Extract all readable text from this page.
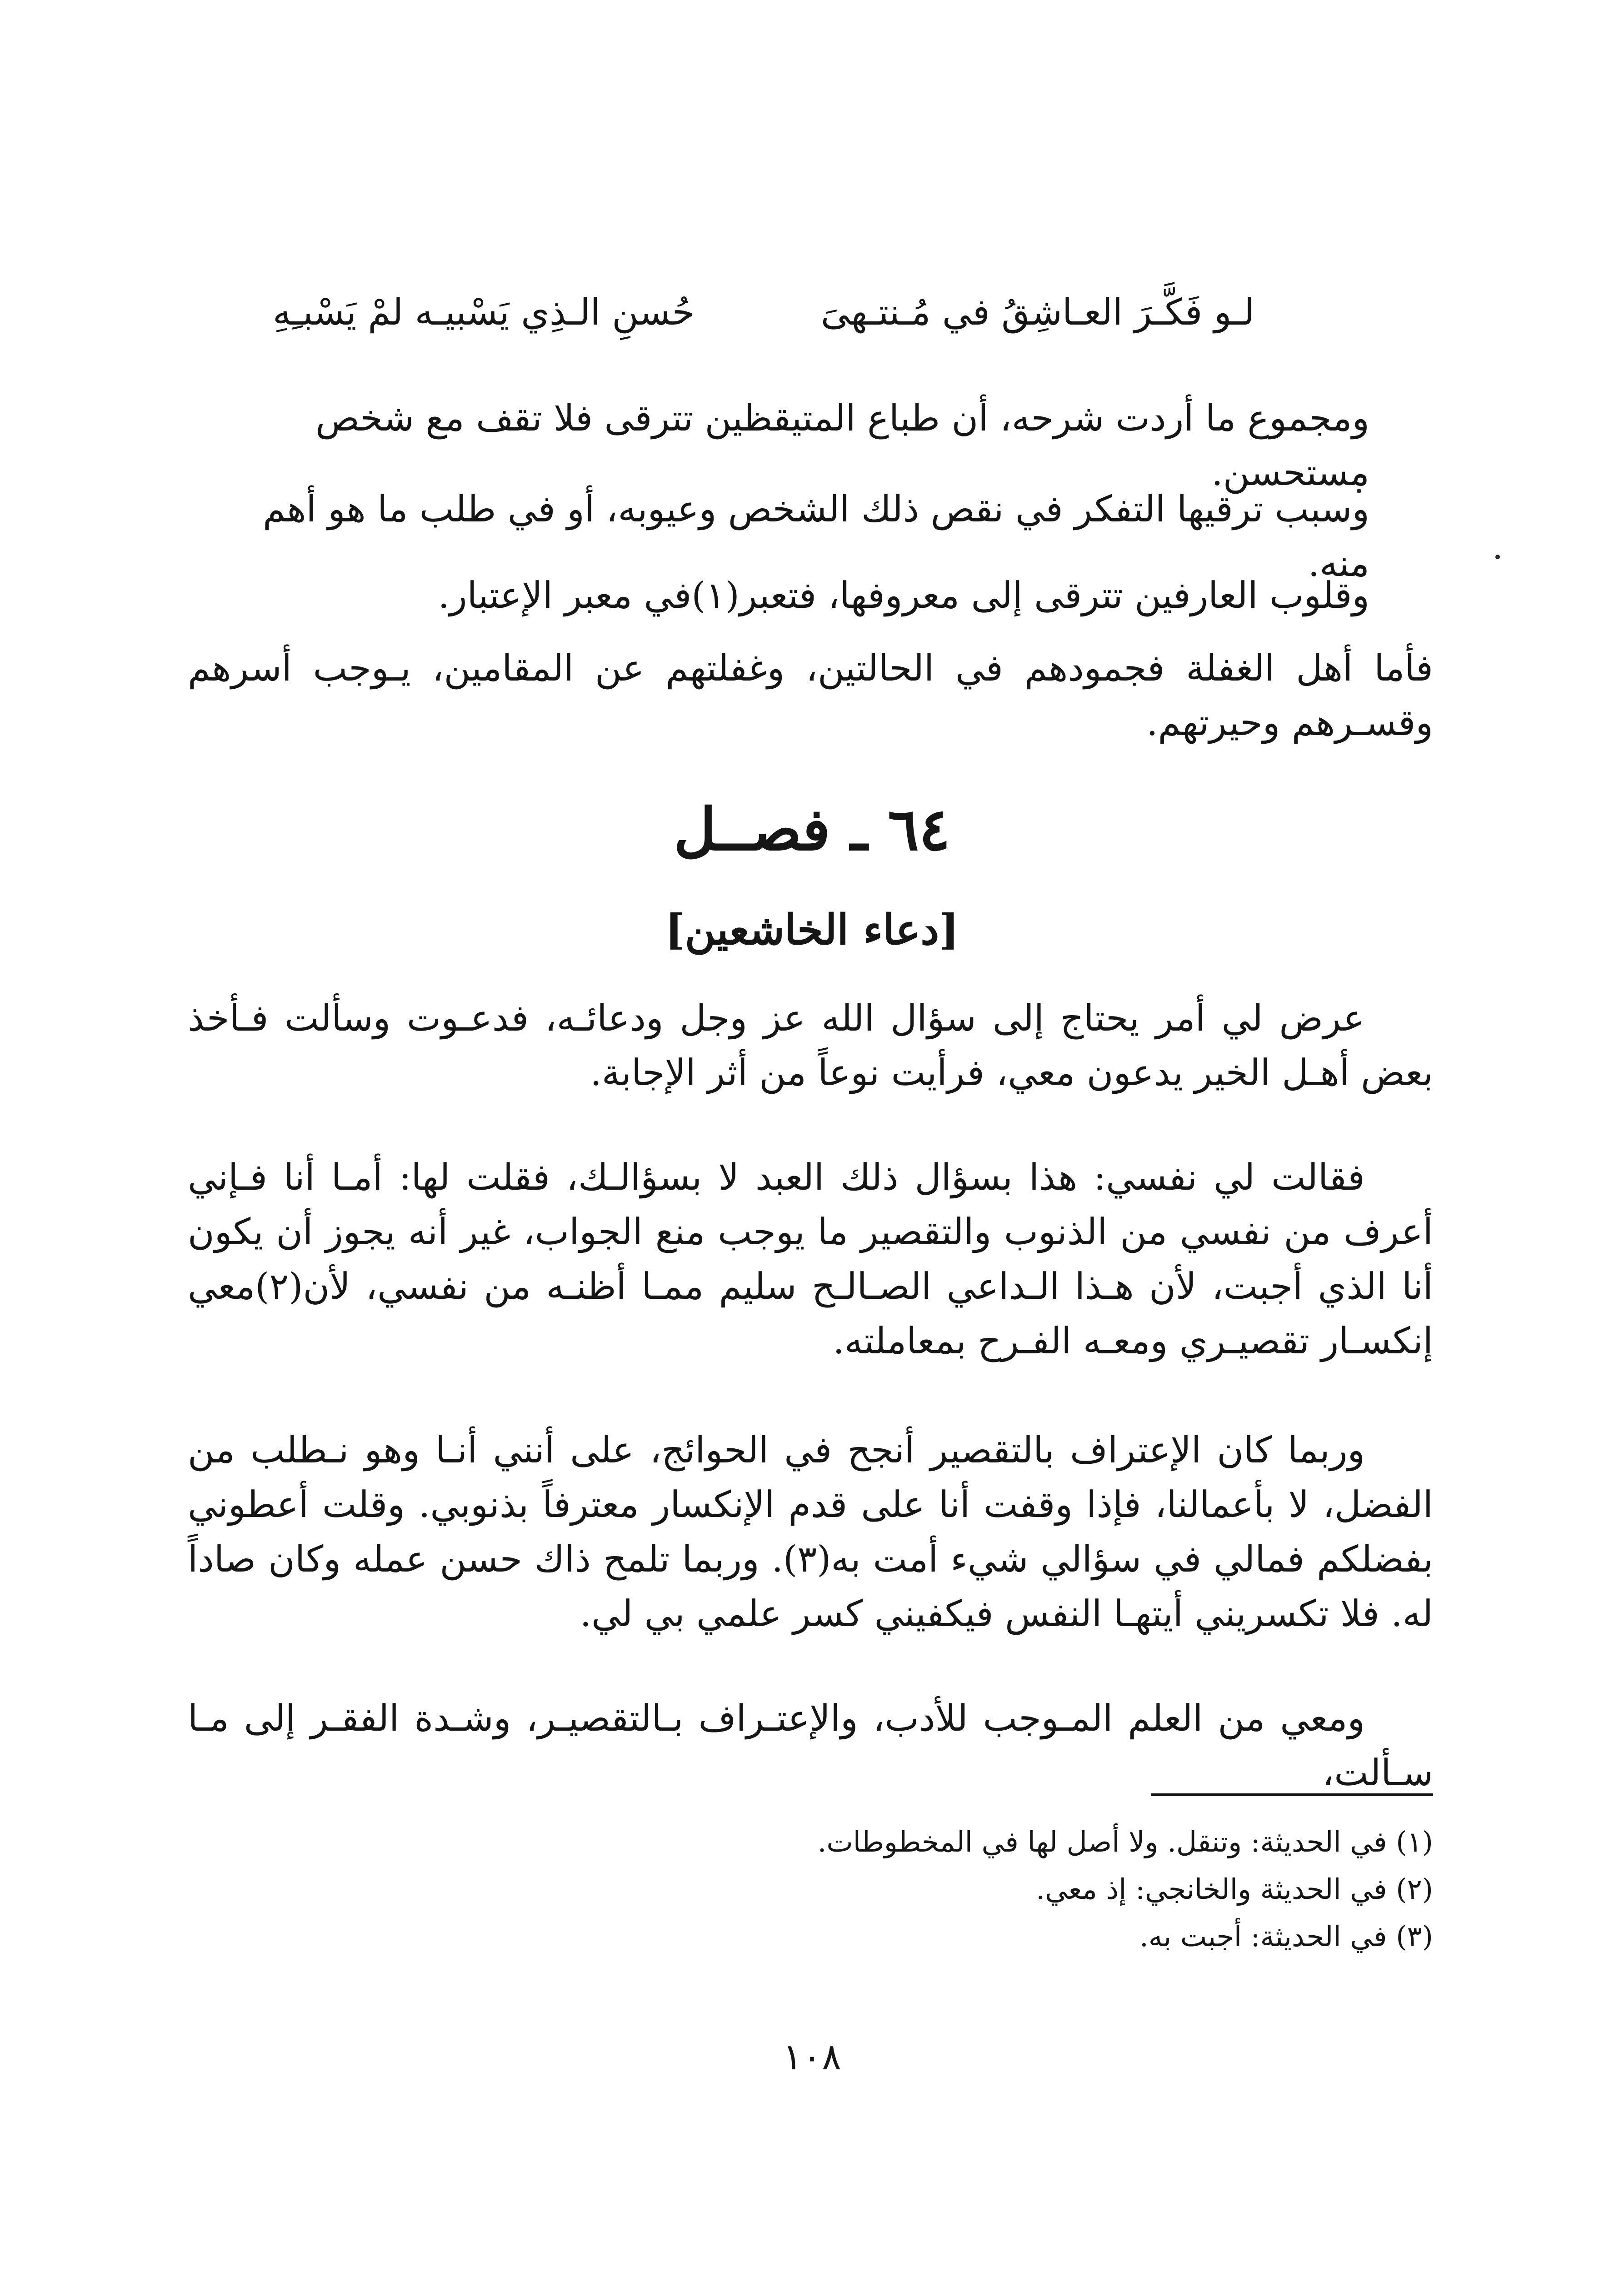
لـو فَكَّـرَ العـاشِقُ في مُـنتـهىَ
حُسنِ الـذِي يَسْبيـه لمْ يَسْبـِهِ
ومجموع ما أردت شرحه، أن طباع المتيقظين تترقى فلا تقف مع شخص مستحسن.
وسبب ترقيها التفكر في نقص ذلك الشخص وعيوبه، أو في طلب ما هو أهم منه.
وقلوب العارفين تترقى إلى معروفها، فتعبر(١)في معبر الإعتبار.
فأما أهل الغفلة فجمودهم في الحالتين، وغفلتهم عن المقامين، يـوجب أسرهم وقسـرهم وحيرتهم.
٦٤ ـ فصــل
[دعاء الخاشعين]
عرض لي أمر يحتاج إلى سؤال الله عز وجل ودعائـه، فدعـوت وسألت فـأخذ بعض أهـل الخير يدعون معي، فرأيت نوعاً من أثر الإجابة.
فقالت لي نفسي: هذا بسؤال ذلك العبد لا بسؤالـك، فقلت لها: أمـا أنا فـإني أعرف من نفسي من الذنوب والتقصير ما يوجب منع الجواب، غير أنه يجوز أن يكون أنا الذي أجبت، لأن هـذا الـداعي الصـالـح سليم ممـا أظنـه من نفسي، لأن(٢)معي إنكسـار تقصيـري ومعـه الفـرح بمعاملته.
وربما كان الإعتراف بالتقصير أنجح في الحوائج، على أنني أنـا وهو نـطلب من الفضل، لا بأعمالنا، فإذا وقفت أنا على قدم الإنكسار معترفاً بذنوبي. وقلت أعطوني بفضلكم فمالي في سؤالي شيء أمت به(٣). وربما تلمح ذاك حسن عمله وكان صاداً له. فلا تكسريني أيتهـا النفس فيكفيني كسر علمي بي لي.
ومعي من العلم المـوجب للأدب، والإعتـراف بـالتقصيـر، وشـدة الفقـر إلى مـا سـألت،
(١) في الحديثة: وتنقل. ولا أصل لها في المخطوطات.
(٢) في الحديثة والخانجي: إذ معي.
(٣) في الحديثة: أجبت به.
١٠٨
